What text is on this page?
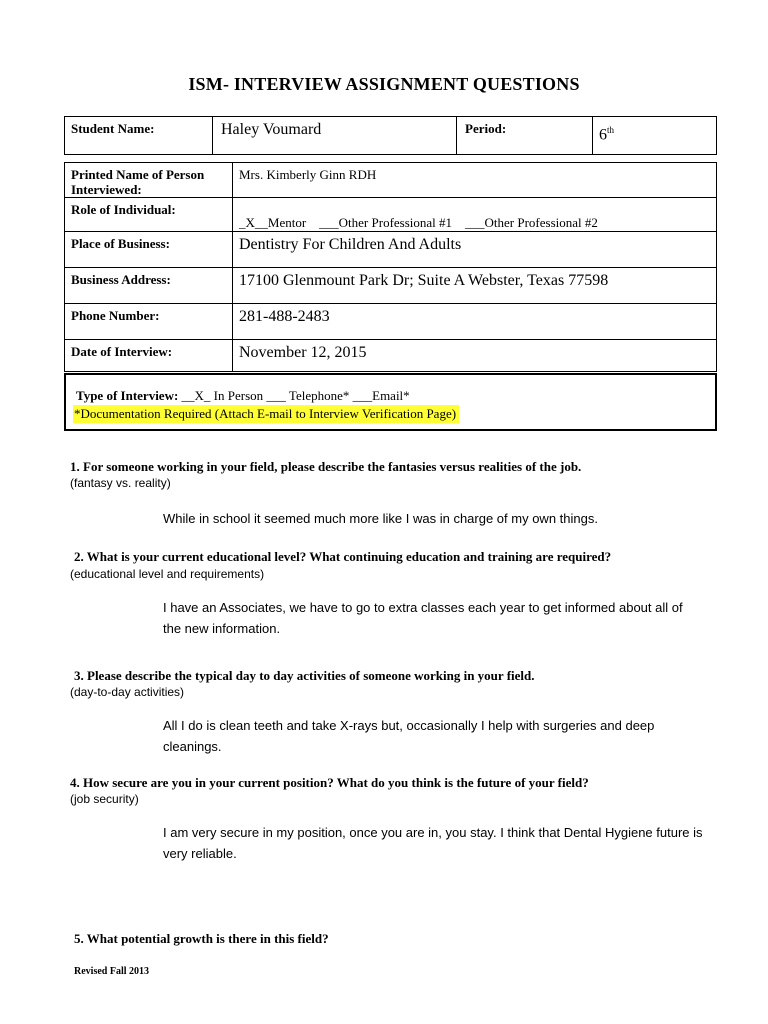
ISM- INTERVIEW ASSIGNMENT QUESTIONS
Student Name:	Haley Voumard	Period:	6th
Printed Name of Person
Interviewed:	Mrs. Kimberly Ginn RDH
Role of Individual:	_X__Mentor    ___Other Professional #1    ___Other Professional #2
Place of Business:	Dentistry For Children And Adults
Business Address:	17100 Glenmount Park Dr; Suite A Webster, Texas 77598
Phone Number:	281-488-2483
Date of Interview:	November 12, 2015
Type of Interview: __X_ In Person ___ Telephone* ___Email*
*Documentation Required (Attach E-mail to Interview Verification Page)
1. For someone working in your field, please describe the fantasies versus realities of the job.
(fantasy vs. reality)
While in school it seemed much more like I was in charge of my own things.
2. What is your current educational level? What continuing education and training are required?
(educational level and requirements)
I have an Associates, we have to go to extra classes each year to get informed about all of the new information.
3. Please describe the typical day to day activities of someone working in your field.
(day-to-day activities)
All I do is clean teeth and take X-rays but, occasionally I help with surgeries and deep cleanings.
4. How secure are you in your current position? What do you think is the future of your field?
(job security)
I am very secure in my position, once you are in, you stay. I think that Dental Hygiene future is very reliable.
5. What potential growth is there in this field?
Revised Fall 2013
